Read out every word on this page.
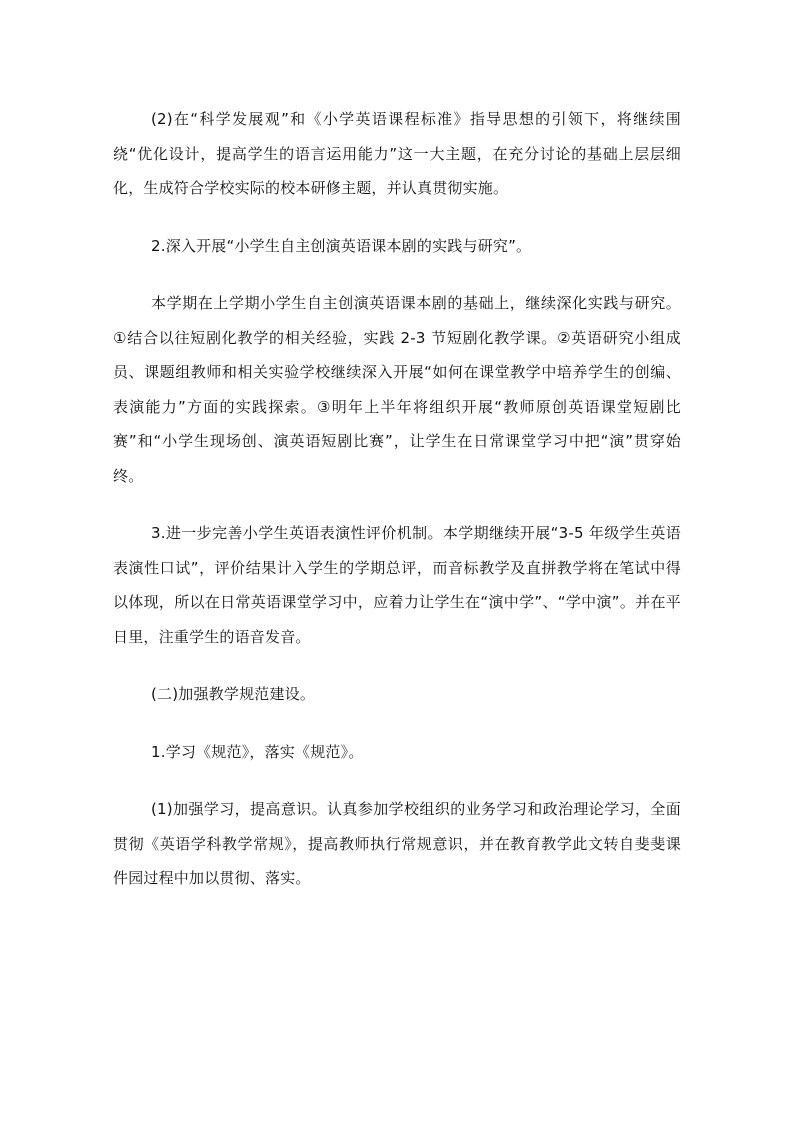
(2)在“科学发展观”和《小学英语课程标准》指导思想的引领下，将继续围绕“优化设计，提高学生的语言运用能力”这一大主题，在充分讨论的基础上层层细化，生成符合学校实际的校本研修主题，并认真贯彻实施。

2.深入开展“小学生自主创演英语课本剧的实践与研究”。

本学期在上学期小学生自主创演英语课本剧的基础上，继续深化实践与研究。①结合以往短剧化教学的相关经验，实践 2-3 节短剧化教学课。②英语研究小组成员、课题组教师和相关实验学校继续深入开展“如何在课堂教学中培养学生的创编、表演能力”方面的实践探索。③明年上半年将组织开展“教师原创英语课堂短剧比赛”和“小学生现场创、演英语短剧比赛”，让学生在日常课堂学习中把“演”贯穿始终。

3.进一步完善小学生英语表演性评价机制。本学期继续开展“3-5 年级学生英语表演性口试”，评价结果计入学生的学期总评，而音标教学及直拼教学将在笔试中得以体现，所以在日常英语课堂学习中，应着力让学生在“演中学”、“学中演”。并在平日里，注重学生的语音发音。

(二)加强教学规范建设。

1.学习《规范》，落实《规范》。

(1)加强学习，提高意识。认真参加学校组织的业务学习和政治理论学习，全面贯彻《英语学科教学常规》，提高教师执行常规意识，并在教育教学此文转自斐斐课件园过程中加以贯彻、落实。
